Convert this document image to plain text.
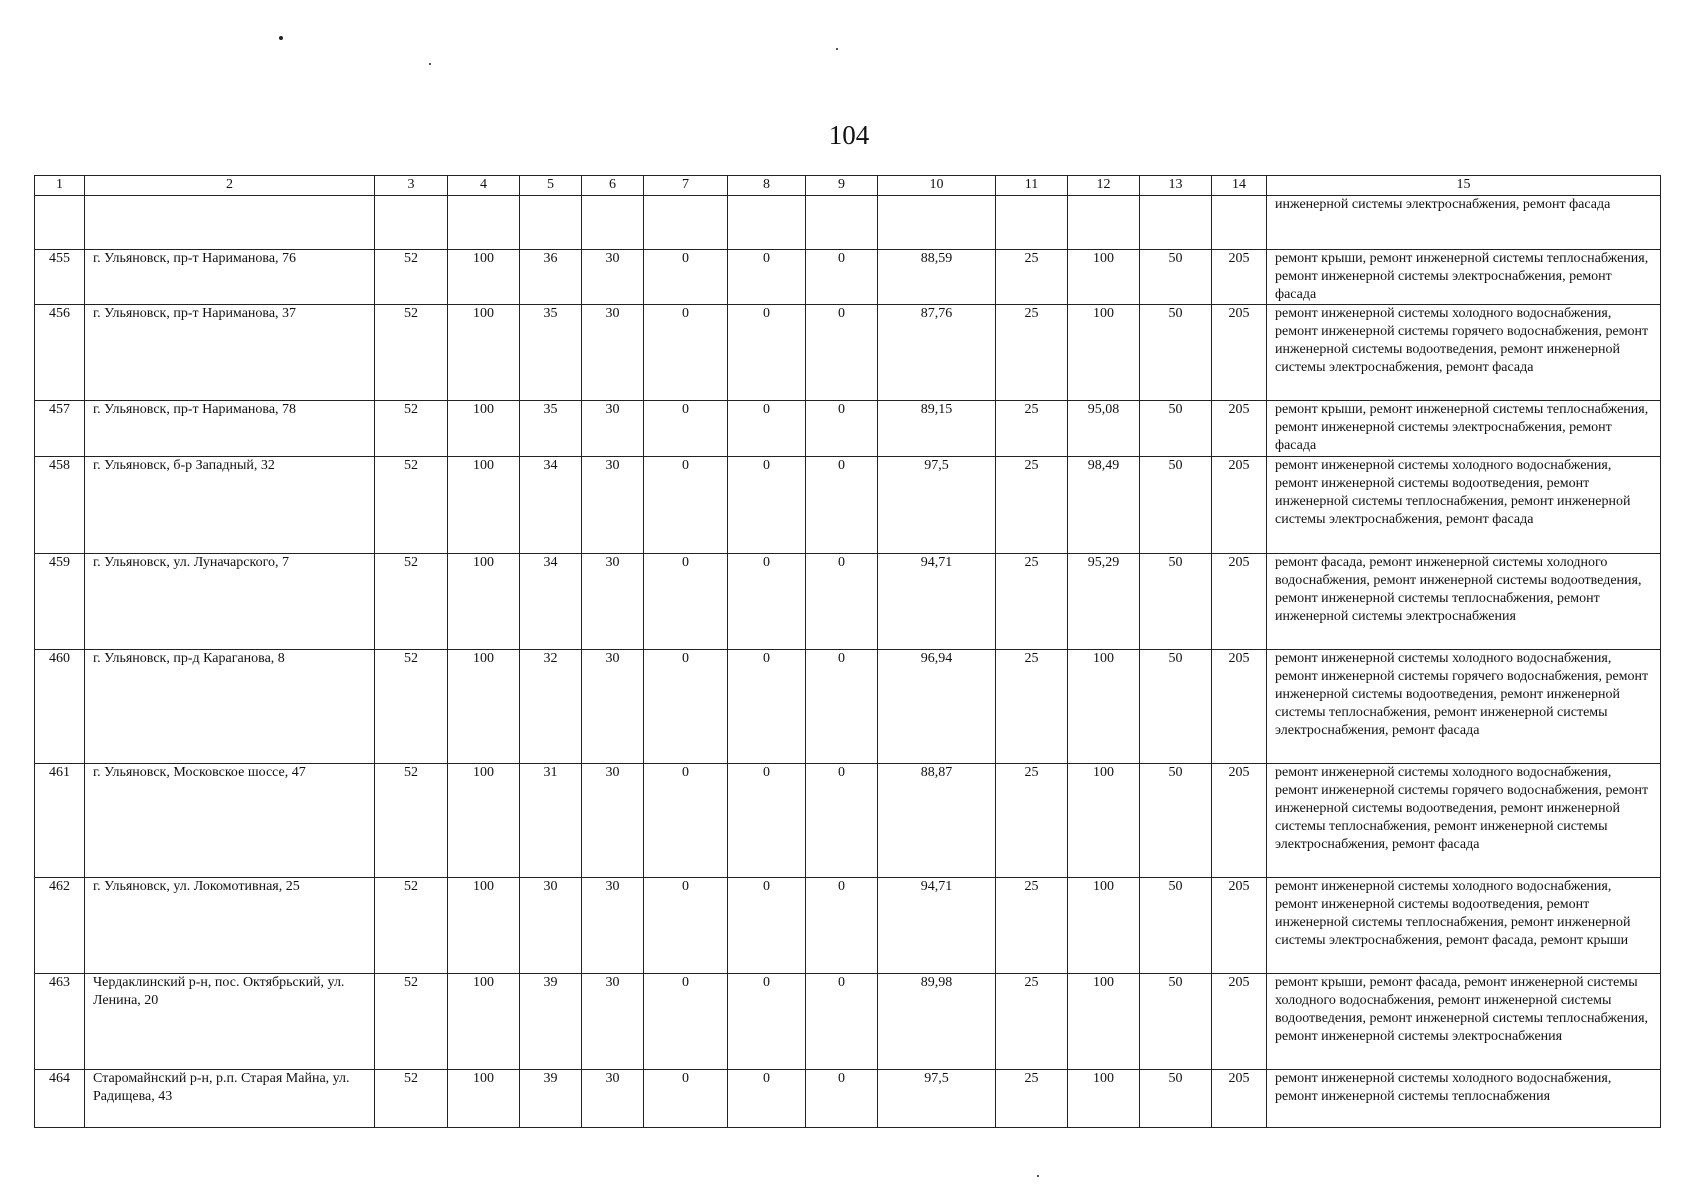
104
1	2	3	4	5	6	7	8	9	10	11	12	13	14	15
														инженерной системы электроснабжения, ремонт фасада
455	г. Ульяновск, пр-т Нариманова, 76	52	100	36	30	0	0	0	88,59	25	100	50	205	ремонт крыши, ремонт инженерной системы теплоснабжения, ремонт инженерной системы электроснабжения, ремонт фасада
456	г. Ульяновск, пр-т Нариманова, 37	52	100	35	30	0	0	0	87,76	25	100	50	205	ремонт инженерной системы холодного водоснабжения, ремонт инженерной системы горячего водоснабжения, ремонт инженерной системы водоотведения, ремонт инженерной системы электроснабжения, ремонт фасада
457	г. Ульяновск, пр-т Нариманова, 78	52	100	35	30	0	0	0	89,15	25	95,08	50	205	ремонт крыши, ремонт инженерной системы теплоснабжения, ремонт инженерной системы электроснабжения, ремонт фасада
458	г. Ульяновск, б-р Западный, 32	52	100	34	30	0	0	0	97,5	25	98,49	50	205	ремонт инженерной системы холодного водоснабжения, ремонт инженерной системы водоотведения, ремонт инженерной системы теплоснабжения, ремонт инженерной системы электроснабжения, ремонт фасада
459	г. Ульяновск, ул. Луначарского, 7	52	100	34	30	0	0	0	94,71	25	95,29	50	205	ремонт фасада, ремонт инженерной системы холодного водоснабжения, ремонт инженерной системы водоотведения, ремонт инженерной системы теплоснабжения, ремонт инженерной системы электроснабжения
460	г. Ульяновск, пр-д Караганова, 8	52	100	32	30	0	0	0	96,94	25	100	50	205	ремонт инженерной системы холодного водоснабжения, ремонт инженерной системы горячего водоснабжения, ремонт инженерной системы водоотведения, ремонт инженерной системы теплоснабжения, ремонт инженерной системы электроснабжения, ремонт фасада
461	г. Ульяновск, Московское шоссе, 47	52	100	31	30	0	0	0	88,87	25	100	50	205	ремонт инженерной системы холодного водоснабжения, ремонт инженерной системы горячего водоснабжения, ремонт инженерной системы водоотведения, ремонт инженерной системы теплоснабжения, ремонт инженерной системы электроснабжения, ремонт фасада
462	г. Ульяновск, ул. Локомотивная, 25	52	100	30	30	0	0	0	94,71	25	100	50	205	ремонт инженерной системы холодного водоснабжения, ремонт инженерной системы водоотведения, ремонт инженерной системы теплоснабжения, ремонт инженерной системы электроснабжения, ремонт фасада, ремонт крыши
463	Чердаклинский р-н, пос. Октябрьский, ул. Ленина, 20	52	100	39	30	0	0	0	89,98	25	100	50	205	ремонт крыши, ремонт фасада, ремонт инженерной системы холодного водоснабжения, ремонт инженерной системы водоотведения, ремонт инженерной системы теплоснабжения, ремонт инженерной системы электроснабжения
464	Старомайнский р-н, р.п. Старая Майна, ул. Радищева, 43	52	100	39	30	0	0	0	97,5	25	100	50	205	ремонт инженерной системы холодного водоснабжения, ремонт инженерной системы теплоснабжения
